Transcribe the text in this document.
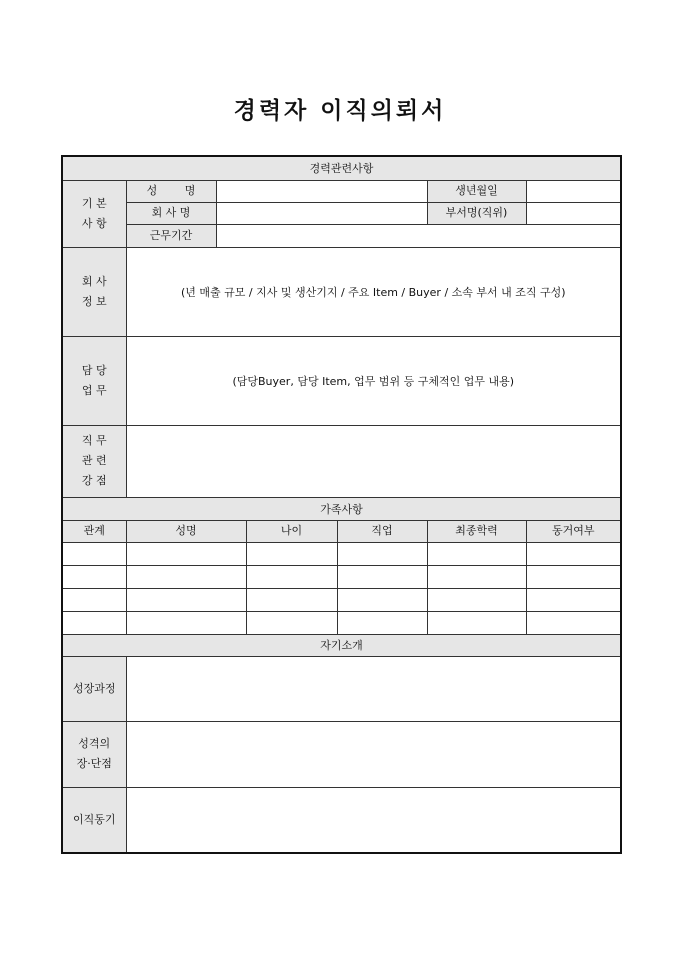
경력자 이직의뢰서
경력관련사항						

기 본
사 항	성 명				생년월일	
	회 사 명				부서명(직위)	
	근무기간					

회 사
정 보	(년 매출 규모 / 지사 및 생산기지 / 주요 Item / Buyer / 소속 부서 내 조직 구성)					

담 당
업 무	(담당Buyer, 담당 Item, 업무 범위 등 구체적인 업무 내용)					

직 무
관 련
강 점						

가족사항						
관계	성명		나이	직업	최종학력	동거여부

자기소개						
성장과정						

성격의
장·단점						

이직동기						
